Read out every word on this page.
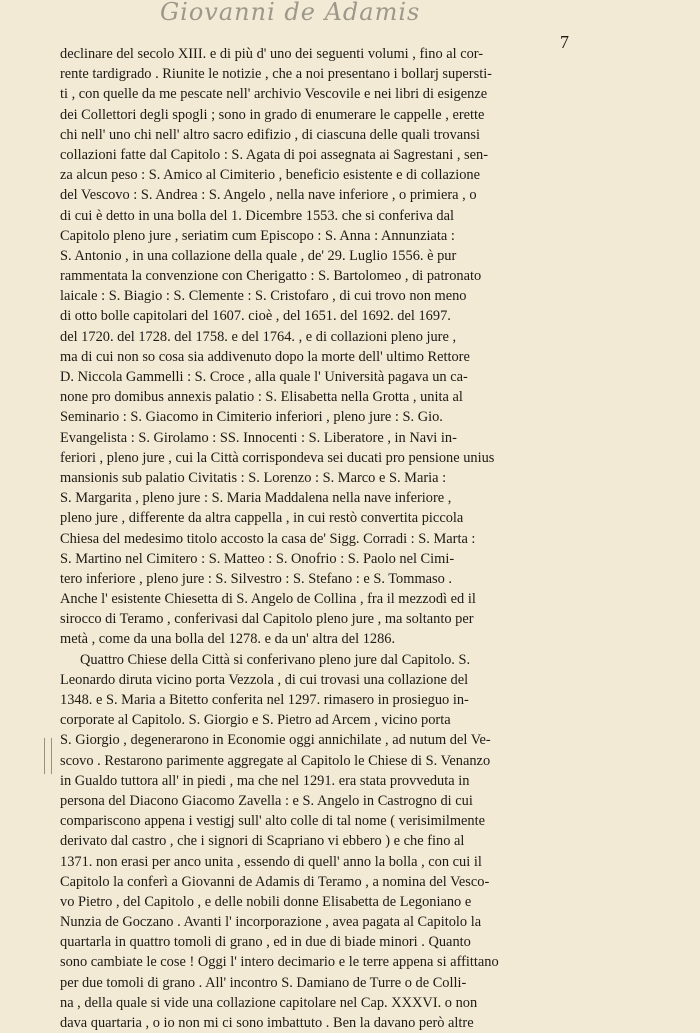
Giovanni de Adamis
7
declinare del secolo XIII. e di più d' uno dei seguenti volumi , fino al cor-
rente tardigrado . Riunite le notizie , che a noi presentano i bollarj supersti-
ti , con quelle da me pescate nell' archivio Vescovile e nei libri di esigenze
dei Collettori degli spogli ; sono in grado di enumerare le cappelle , erette
chi nell' uno chi nell' altro sacro edifizio , di ciascuna delle quali trovansi
collazioni fatte dal Capitolo : S. Agata di poi assegnata ai Sagrestani , sen-
za alcun peso : S. Amico al Cimiterio , beneficio esistente e di collazione
del Vescovo : S. Andrea : S. Angelo , nella nave inferiore , o primiera , o
di cui è detto in una bolla del 1. Dicembre 1553. che si conferiva dal
Capitolo pleno jure , seriatim cum Episcopo : S. Anna : Annunziata :
S. Antonio , in una collazione della quale , de' 29. Luglio 1556. è pur
rammentata la convenzione con Cherigatto : S. Bartolomeo , di patronato
laicale : S. Biagio : S. Clemente : S. Cristofaro , di cui trovo non meno
di otto bolle capitolari del 1607. cioè , del 1651. del 1692. del 1697.
del 1720. del 1728. del 1758. e del 1764. , e di collazioni pleno jure ,
ma di cui non so cosa sia addivenuto dopo la morte dell' ultimo Rettore
D. Niccola Gammelli : S. Croce , alla quale l' Università pagava un ca-
none pro domibus annexis palatio : S. Elisabetta nella Grotta , unita al
Seminario : S. Giacomo in Cimiterio inferiori , pleno jure : S. Gio.
Evangelista : S. Girolamo : SS. Innocenti : S. Liberatore , in Navi in-
feriori , pleno jure , cui la Città corrispondeva sei ducati pro pensione unius
mansionis sub palatio Civitatis : S. Lorenzo : S. Marco e S. Maria :
S. Margarita , pleno jure : S. Maria Maddalena nella nave inferiore ,
pleno jure , differente da altra cappella , in cui restò convertita piccola
Chiesa del medesimo titolo accosto la casa de' Sigg. Corradi : S. Marta :
S. Martino nel Cimitero : S. Matteo : S. Onofrio : S. Paolo nel Cimi-
tero inferiore , pleno jure : S. Silvestro : S. Stefano : e S. Tommaso .
Anche l' esistente Chiesetta di S. Angelo de Collina , fra il mezzodì ed il
sirocco di Teramo , conferivasi dal Capitolo pleno jure , ma soltanto per
metà , come da una bolla del 1278. e da un' altra del 1286.
Quattro Chiese della Città si conferivano pleno jure dal Capitolo. S.
Leonardo diruta vicino porta Vezzola , di cui trovasi una collazione del
1348. e S. Maria a Bitetto conferita nel 1297. rimasero in prosieguo in-
corporate al Capitolo. S. Giorgio e S. Pietro ad Arcem , vicino porta
S. Giorgio , degenerarono in Economie oggi annichilate , ad nutum del Ve-
scovo . Restarono parimente aggregate al Capitolo le Chiese di S. Venanzo
in Gualdo tuttora all' in piedi , ma che nel 1291. era stata provveduta in
persona del Diacono Giacomo Zavella : e S. Angelo in Castrogno di cui
compariscono appena i vestigj sull' alto colle di tal nome ( verisimilmente
derivato dal castro , che i signori di Scapriano vi ebbero ) e che fino al
1371. non erasi per anco unita , essendo di quell' anno la bolla , con cui il
Capitolo la conferì a Giovanni de Adamis di Teramo , a nomina del Vesco-
vo Pietro , del Capitolo , e delle nobili donne Elisabetta de Legoniano e
Nunzia de Goczano . Avanti l' incorporazione , avea pagata al Capitolo la
quartarla in quattro tomoli di grano , ed in due di biade minori . Quanto
sono cambiate le cose ! Oggi l' intero decimario e le terre appena si affittano
per due tomoli di grano . All' incontro S. Damiano de Turre o de Colli-
na , della quale si vide una collazione capitolare nel Cap. XXXVI. o non
dava quartaria , o io non mi ci sono imbattuto . Ben la davano però altre
